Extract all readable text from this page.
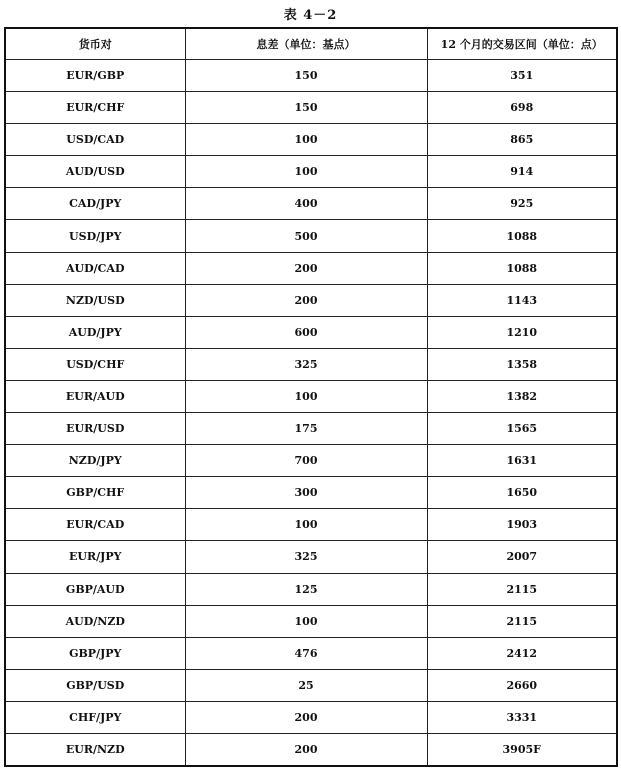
表 4－2
货币对	息差（单位：基点）	12 个月的交易区间（单位：点）
EUR/GBP	150	351
EUR/CHF	150	698
USD/CAD	100	865
AUD/USD	100	914
CAD/JPY	400	925
USD/JPY	500	1088
AUD/CAD	200	1088
NZD/USD	200	1143
AUD/JPY	600	1210
USD/CHF	325	1358
EUR/AUD	100	1382
EUR/USD	175	1565
NZD/JPY	700	1631
GBP/CHF	300	1650
EUR/CAD	100	1903
EUR/JPY	325	2007
GBP/AUD	125	2115
AUD/NZD	100	2115
GBP/JPY	476	2412
GBP/USD	25	2660
CHF/JPY	200	3331
EUR/NZD	200	3905F
